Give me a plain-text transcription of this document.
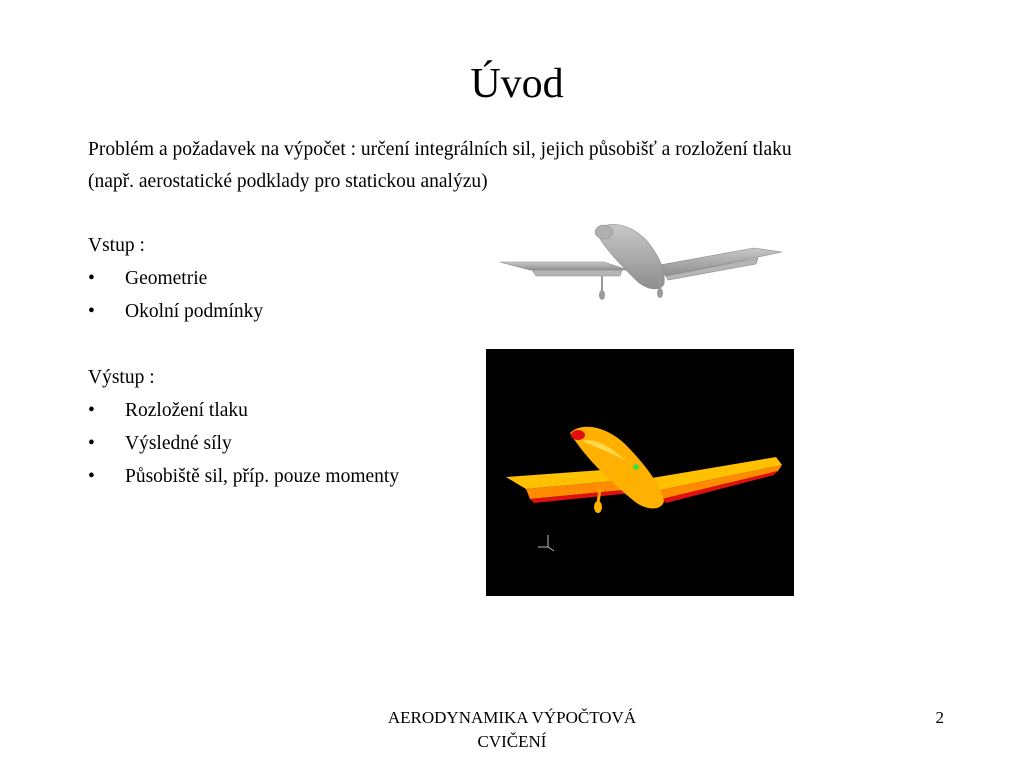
Úvod
Problém a požadavek na výpočet : určení integrálních sil, jejich působišť a rozložení tlaku
(např. aerostatické podklady pro statickou analýzu)
Vstup :
•	Geometrie
•	Okolní podmínky
Výstup :
•	Rozložení tlaku
•	Výsledné síly
•	Působiště sil, příp. pouze momenty
AERODYNAMIKA VÝPOČTOVÁ
CVIČENÍ
2
